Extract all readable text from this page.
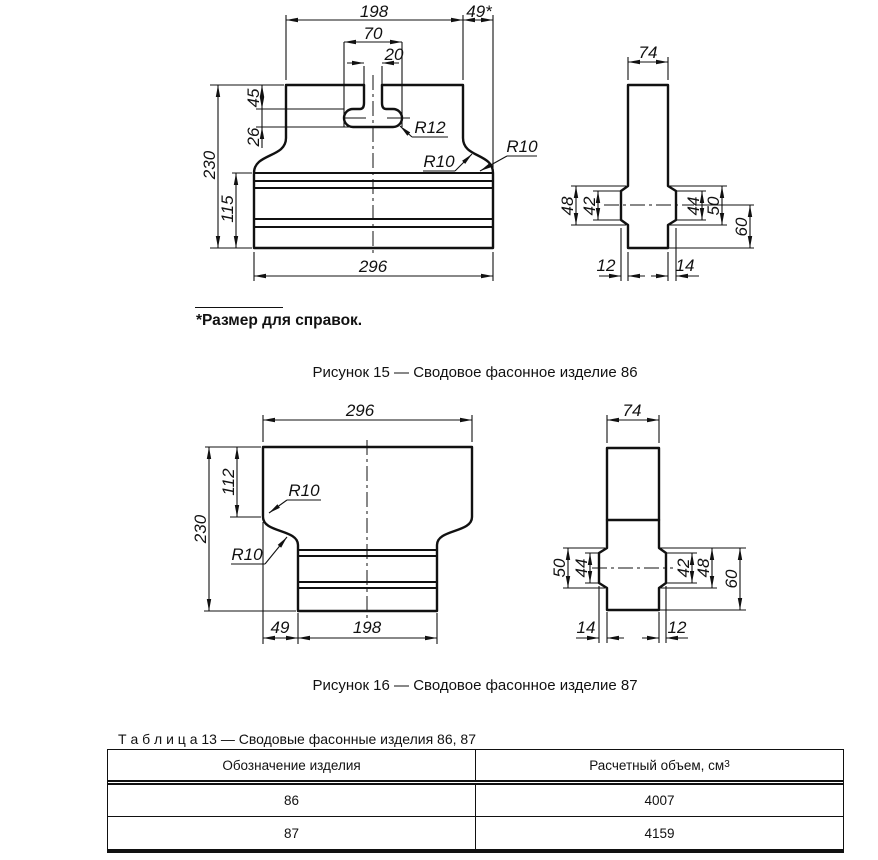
198	49*
70
20
45
26
230
115
296
R12
R10
R10
74
48 42	44 50
60
12	14
296
112
230
R10
R10
49	198
74
50 44	42 48
60
14	12
*Размер для справок.
Рисунок 15 — Сводовое фасонное изделие 86
Рисунок 16 — Сводовое фасонное изделие 87
Т а б л и ц а 13 — Сводовые фасонные изделия 86, 87
Обозначение изделия	Расчетный объем, см 3
86	4007
87	4159
